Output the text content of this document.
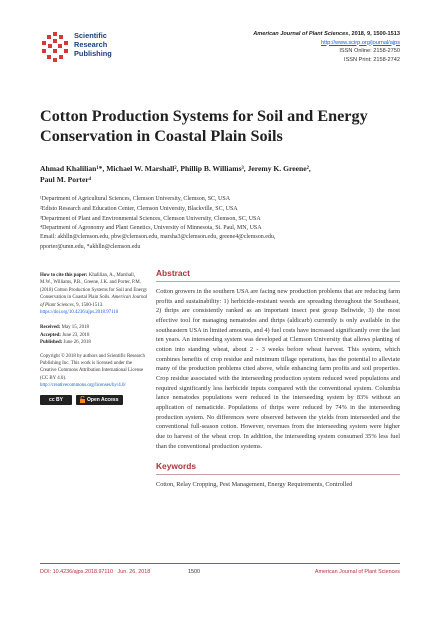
Scientific
Research
Publishing
American Journal of Plant Sciences, 2018, 9, 1500-1513
http://www.scirp.org/journal/ajps
ISSN Online: 2158-2750
ISSN Print: 2158-2742
Cotton Production Systems for Soil and Energy Conservation in Coastal Plain Soils
Ahmad Khalilian¹*, Michael W. Marshall², Phillip B. Williams³, Jeremy K. Greene²,
Paul M. Porter⁴
¹Department of Agricultural Sciences, Clemson University, Clemson, SC, USA
²Edisto Research and Education Center, Clemson University, Blackville, SC, USA
³Department of Plant and Environmental Sciences, Clemson University, Clemson, SC, USA
⁴Department of Agronomy and Plant Genetics, University of Minnesota, St. Paul, MN, USA
Email: akhlln@clemson.edu, pbw@clemson.edu, marsha3@clemson.edu, greene4@clemson.edu,
pporter@umn.edu, *akhlln@clemson.edu

How to cite this paper: Khalilian, A., Marshall, M.W., Williams, P.B., Greene, J.K. and Porter, P.M. (2018) Cotton Production Systems for Soil and Energy Conservation in Coastal Plain Soils. American Journal of Plant Sciences, 9, 1500-1513. https://doi.org/10.4236/ajps.2018.97110

Received: May 15, 2018
Accepted: June 23, 2018
Published: June 26, 2018

Copyright © 2018 by authors and Scientific Research Publishing Inc. This work is licensed under the Creative Commons Attribution International License (CC BY 4.0). http://creativecommons.org/licenses/by/4.0/

cc BY	Open Access
Abstract
Cotton growers in the southern USA are facing new production problems that are reducing farm profits and sustainability: 1) herbicide-resistant weeds are spreading throughout the Southeast, 2) thrips are consistently ranked as an important insect pest group Beltwide, 3) the most effective tool for managing nematodes and thrips (aldicarb) currently is only available in the southeastern USA in limited amounts, and 4) fuel costs have increased significantly over the last ten years. An interseeding system was developed at Clemson University that allows planting of cotton into standing wheat, about 2 - 3 weeks before wheat harvest. This system, which combines benefits of crop residue and minimum tillage operations, has the potential to alleviate many of the production problems cited above, while enhancing farm profits and soil properties. Crop residue associated with the interseeding production system reduced weed populations and required significantly less herbicide inputs compared with the conventional system. Columbia lance nematodes populations were reduced in the interseeding system by 83% without an application of nematicide. Populations of thrips were reduced by 74% in the interseeding production system. No differences were observed between the yields from interseeded and the conventional full-season cotton. However, revenues from the interseeding system were higher due to harvest of the wheat crop. In addition, the interseeding system consumed 35% less fuel than the conventional production systems.
Keywords
Cotton, Relay Cropping, Pest Management, Energy Requirements, Controlled
DOI: 10.4236/ajps.2018.97110 Jun. 26, 2018	1500	American Journal of Plant Sciences
